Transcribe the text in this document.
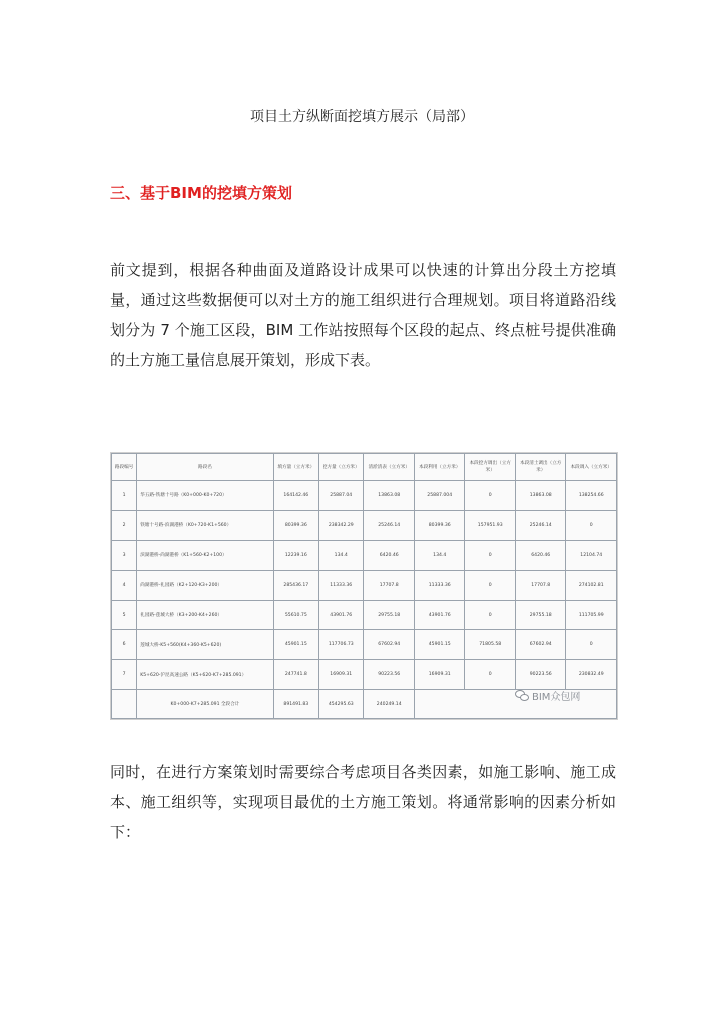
项目土方纵断面挖填方展示（局部）
三、基于BIM的挖填方策划
前文提到，根据各种曲面及道路设计成果可以快速的计算出分段土方挖填量，通过这些数据便可以对土方的施工组织进行合理规划。项目将道路沿线划分为 7 个施工区段，BIM 工作站按照每个区段的起点、终点桩号提供准确的土方施工量信息展开策划，形成下表。
路段编号	路段名	填方量（立方米）	挖方量（立方米）	清淤清表（立方米）	本段利用（立方米）	本段挖方调出（立方米）	本段清土调出（立方米）	本段调入（立方米）
1	华五路-铁塘十号路（K0+000-K0+720）	164142.46	25887.04	13863.08	25887.004	0	13863.08	138254.66
2	铁塘十号路-滨湖港桥（K0+720-K1+560）	80399.36	238342.29	25246.14	80399.36	157951.93	25246.14	0
3	滨湖港桥-尚湖港桥（K1+560-K2+100）	12239.16	134.4	6420.46	134.4	0	6420.46	12104.74
4	尚湖港桥-礼园路（K2+120-K3+200）	285436.17	11333.36	17707.8	11333.36	0	17707.8	274102.81
5	礼园路-莲城大桥（K3+200-K4+260）	55610.75	43901.76	29755.18	43901.76	0	29755.18	111705.99
6	莲城大桥-K5+560(K4+360-K5+620)	45901.15	117706.73	67602.94	45901.15	71805.58	67602.94	0
7	K5+620-沪昆高速公路（K5+620-K7+285.091）	247741.8	16909.31	90223.56	16909.31	0	90223.56	230832.49
	K0+000-K7+285.091 全段合计	891491.83	454295.63	240249.14				
BIM众包网
同时，在进行方案策划时需要综合考虑项目各类因素，如施工影响、施工成本、施工组织等，实现项目最优的土方施工策划。将通常影响的因素分析如下：
